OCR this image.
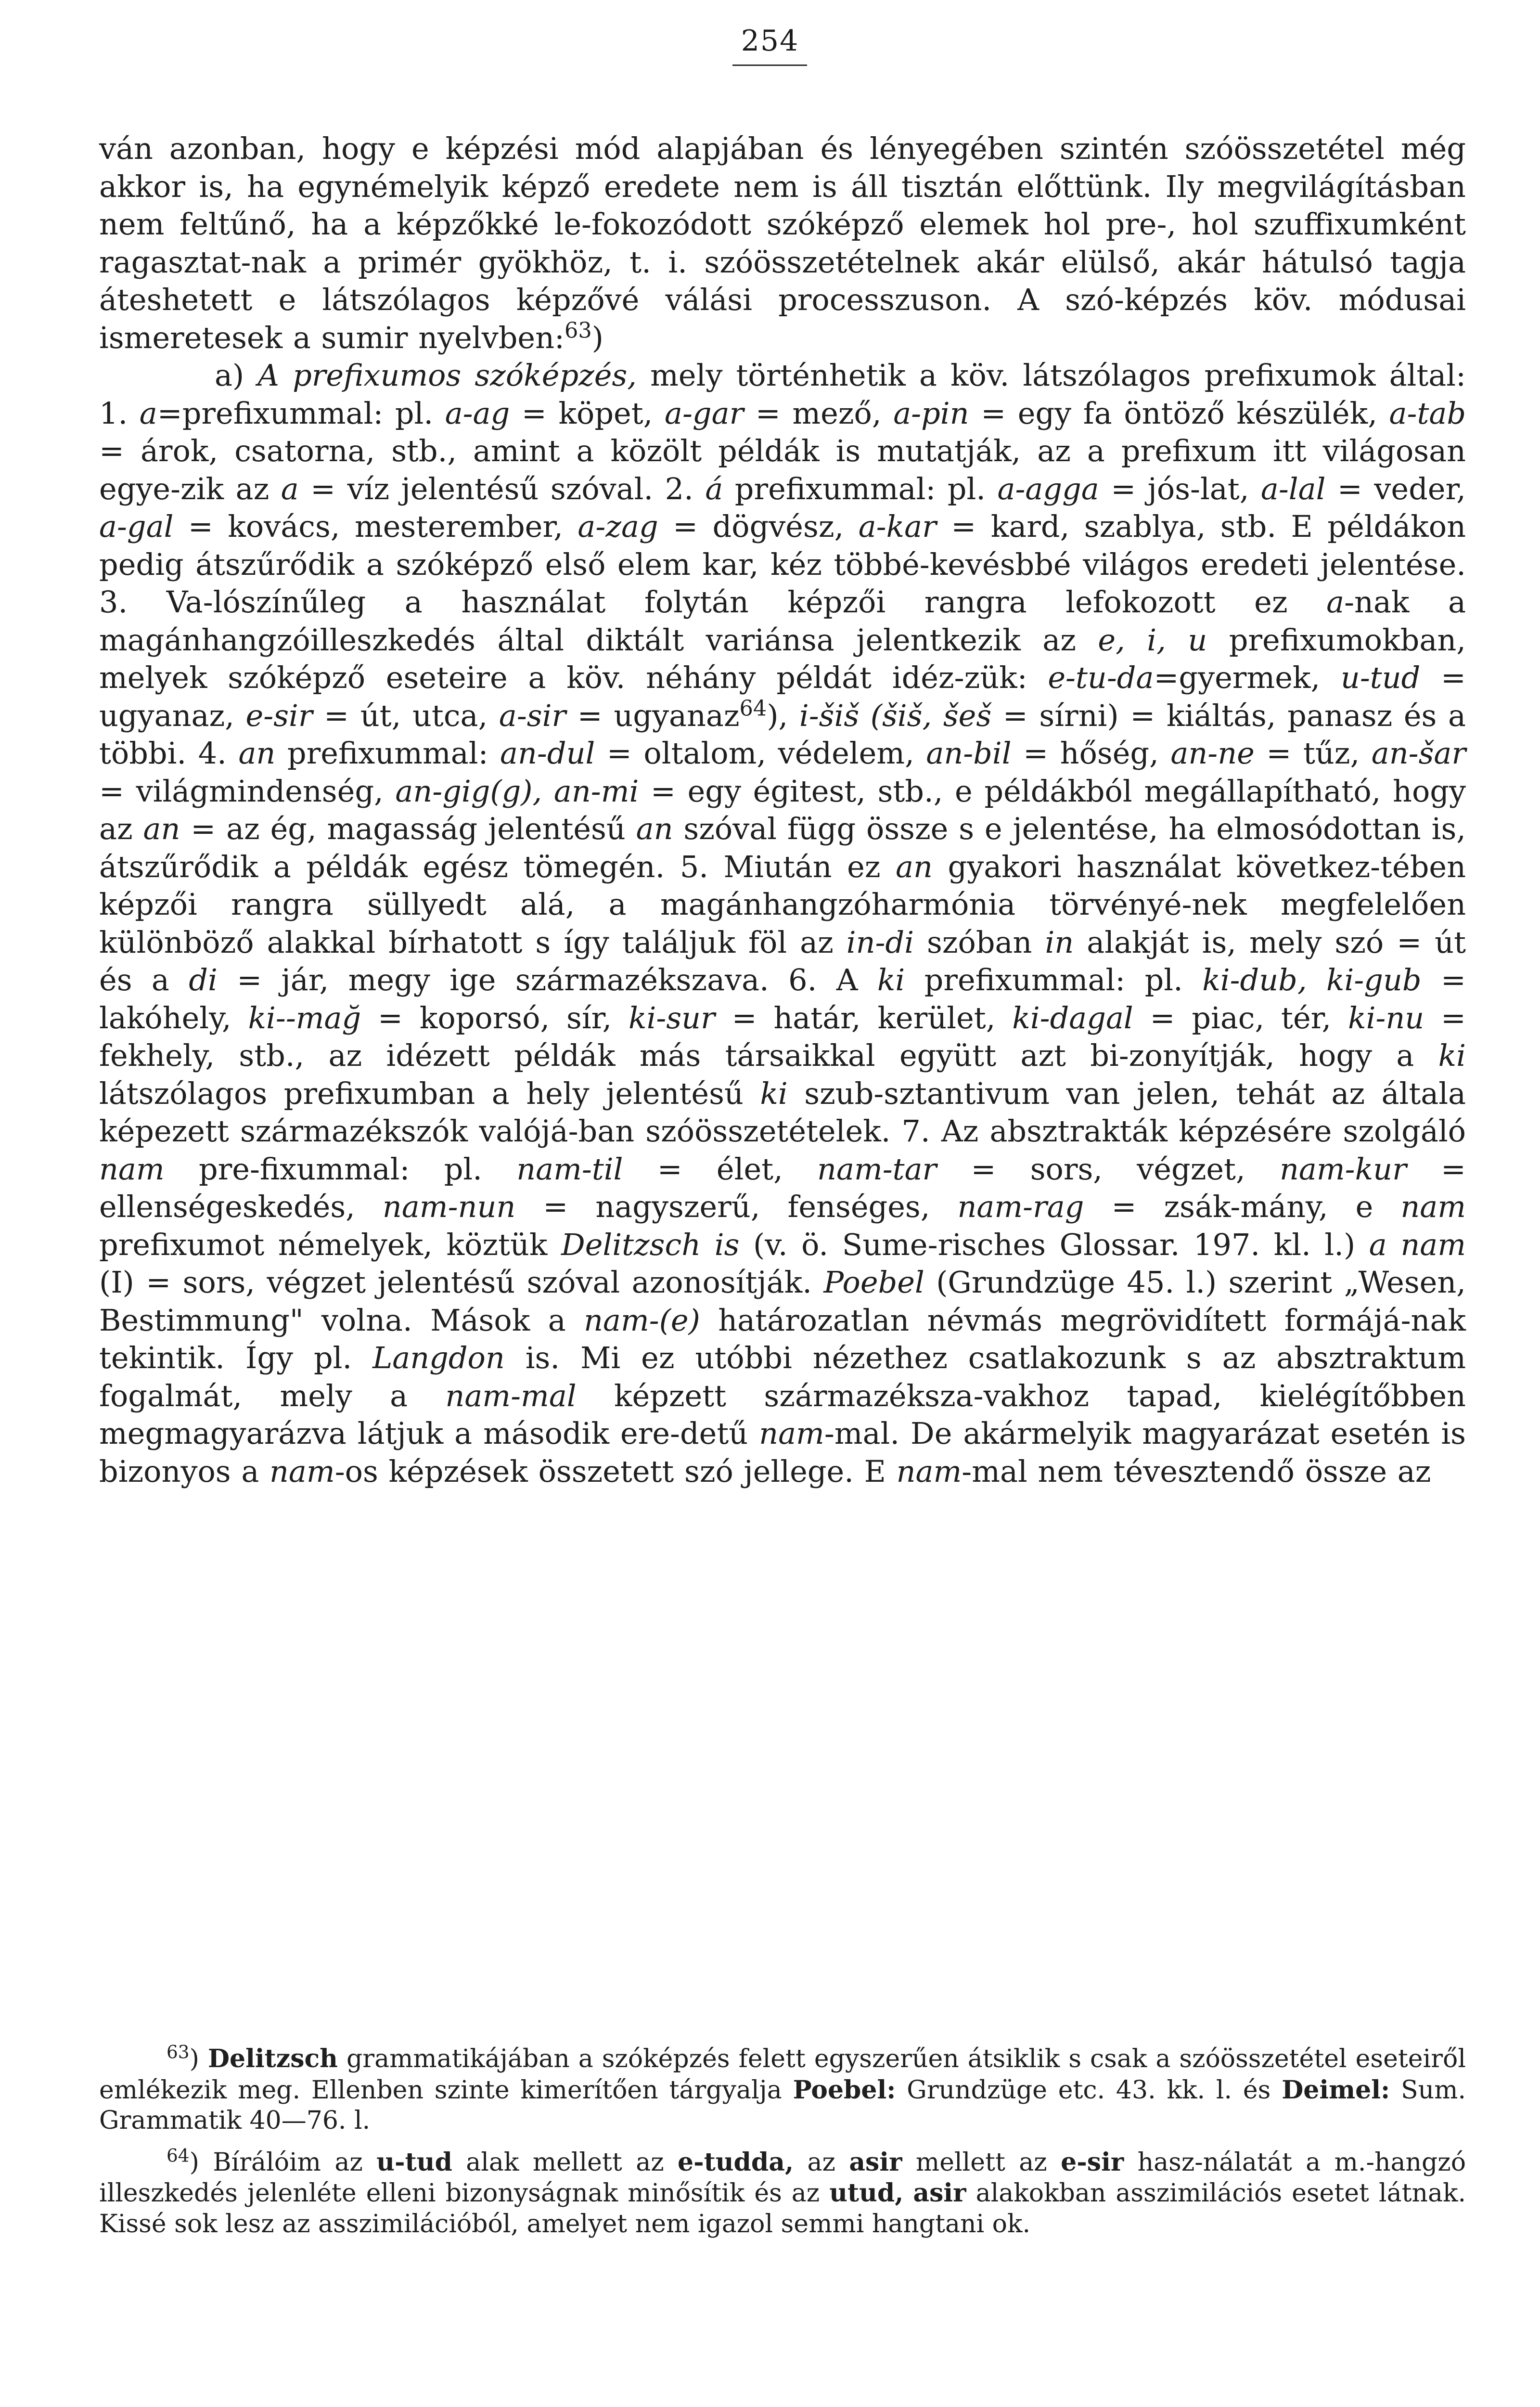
254

ván azonban, hogy e képzési mód alapjában és lényegében szintén szóösszetétel még akkor is, ha egynémelyik képző eredete nem is áll tisztán előttünk. Ily megvilágításban nem feltűnő, ha a képzőkké le-fokozódott szóképző elemek hol pre-, hol szuffixumként ragasztat-nak a primér gyökhöz, t. i. szóösszetételnek akár elülső, akár hátulsó tagja áteshetett e látszólagos képzővé válási processzuson. A szó-képzés köv. módusai ismeretesek a sumir nyelvben:$^{63}$)

a) A prefixumos szóképzés, mely történhetik a köv. látszólagos prefixumok által: 1. a=prefixummal: pl. a-ag = köpet, a-gar = mező, a-pin = egy fa öntöző készülék, a-tab = árok, csatorna, stb., amint a közölt példák is mutatják, az a prefixum itt világosan egye-zik az a = víz jelentésű szóval. 2. á prefixummal: pl. a-agga = jós-lat, a-lal = veder, a-gal = kovács, mesterember, a-zag = dögvész, a-kar = kard, szablya, stb. E példákon pedig átszűrődik a szóképző első elem kar, kéz többé-kevésbbé világos eredeti jelentése. 3. Va-lószínűleg a használat folytán képzői rangra lefokozott ez a-nak a magánhangzóilleszkedés által diktált variánsa jelentkezik az e, i, u prefixumokban, melyek szóképző eseteire a köv. néhány példát idéz-zük: e-tu-da=gyermek, u-tud = ugyanaz, e-sir = út, utca, a-sir = ugyanaz$^{64}$), i-šiš (šiš, šeš = sírni) = kiáltás, panasz és a többi. 4. an prefixummal: an-dul = oltalom, védelem, an-bil = hőség, an-ne = tűz, an-šar = világmindenség, an-gig(g), an-mi = egy égitest, stb., e példákból megállapítható, hogy az an = az ég, magasság jelentésű an szóval függ össze s e jelentése, ha elmosódottan is, átszűrődik a példák egész tömegén. 5. Miután ez an gyakori használat következ-tében képzői rangra süllyedt alá, a magánhangzóharmónia törvényé-nek megfelelően különböző alakkal bírhatott s így találjuk föl az in-di szóban in alakját is, mely szó = út és a di = jár, megy ige származékszava. 6. A ki prefixummal: pl. ki-dub, ki-gub = lakóhely, ki--mağ = koporsó, sír, ki-sur = határ, kerület, ki-dagal = piac, tér, ki-nu = fekhely, stb., az idézett példák más társaikkal együtt azt bi-zonyítják, hogy a ki látszólagos prefixumban a hely jelentésű ki szub-sztantivum van jelen, tehát az általa képezett származékszók valójá-ban szóösszetételek. 7. Az absztrakták képzésére szolgáló nam pre-fixummal: pl. nam-til = élet, nam-tar = sors, végzet, nam-kur = ellenségeskedés, nam-nun = nagyszerű, fenséges, nam-rag = zsák-mány, e nam prefixumot némelyek, köztük Delitzsch is (v. ö. Sume-risches Glossar. 197. kl. l.) a nam (I) = sors, végzet jelentésű szóval azonosítják. Poebel (Grundzüge 45. l.) szerint „Wesen, Bestimmung" volna. Mások a nam-(e) határozatlan névmás megrövidített formájá-nak tekintik. Így pl. Langdon is. Mi ez utóbbi nézethez csatlakozunk s az absztraktum fogalmát, mely a nam-mal képzett származéksza-vakhoz tapad, kielégítőbben megmagyarázva látjuk a második ere-detű nam-mal. De akármelyik magyarázat esetén is bizonyos a nam-os képzések összetett szó jellege. E nam-mal nem tévesztendő össze az

$^{63}$) Delitzsch grammatikájában a szóképzés felett egyszerűen átsiklik s csak a szóösszetétel eseteiről emlékezik meg. Ellenben szinte kimerítően tárgyalja Poebel: Grundzüge etc. 43. kk. l. és Deimel: Sum. Grammatik 40—76. l.

$^{64}$) Bírálóim az u-tud alak mellett az e-tudda, az asir mellett az e-sir hasz-nálatát a m.-hangzó illeszkedés jelenléte elleni bizonyságnak minősítik és az utud, asir alakokban asszimilációs esetet látnak. Kissé sok lesz az asszimilációból, amelyet nem igazol semmi hangtani ok.
